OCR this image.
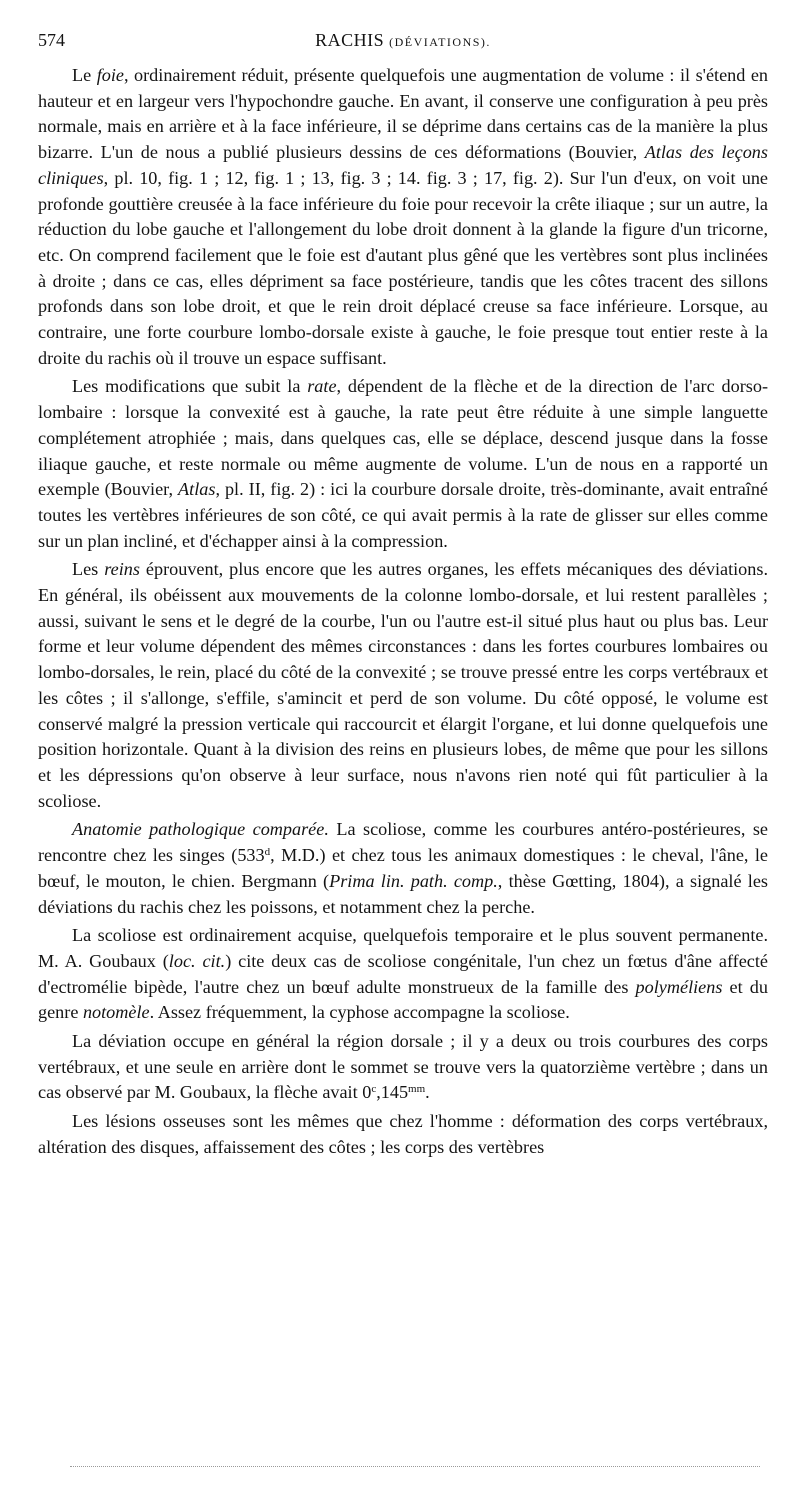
574	RACHIS (DÉVIATIONS).

Le foie, ordinairement réduit, présente quelquefois une augmentation de volume : il s'étend en hauteur et en largeur vers l'hypochondre gauche. En avant, il conserve une configuration à peu près normale, mais en arrière et à la face inférieure, il se déprime dans certains cas de la manière la plus bizarre. L'un de nous a publié plusieurs dessins de ces déformations (Bouvier, Atlas des leçons cliniques, pl. 10, fig. 1 ; 12, fig. 1 ; 13, fig. 3 ; 14. fig. 3 ; 17, fig. 2). Sur l'un d'eux, on voit une profonde gouttière creusée à la face inférieure du foie pour recevoir la crête iliaque ; sur un autre, la réduction du lobe gauche et l'allongement du lobe droit donnent à la glande la figure d'un tricorne, etc. On comprend facilement que le foie est d'autant plus gêné que les vertèbres sont plus inclinées à droite ; dans ce cas, elles dépriment sa face postérieure, tandis que les côtes tracent des sillons profonds dans son lobe droit, et que le rein droit déplacé creuse sa face inférieure. Lorsque, au contraire, une forte courbure lombo-dorsale existe à gauche, le foie presque tout entier reste à la droite du rachis où il trouve un espace suffisant.

Les modifications que subit la rate, dépendent de la flèche et de la direction de l'arc dorso-lombaire : lorsque la convexité est à gauche, la rate peut être réduite à une simple languette complétement atrophiée ; mais, dans quelques cas, elle se déplace, descend jusque dans la fosse iliaque gauche, et reste normale ou même augmente de volume. L'un de nous en a rapporté un exemple (Bouvier, Atlas, pl. II, fig. 2) : ici la courbure dorsale droite, très-dominante, avait entraîné toutes les vertèbres inférieures de son côté, ce qui avait permis à la rate de glisser sur elles comme sur un plan incliné, et d'échapper ainsi à la compression.

Les reins éprouvent, plus encore que les autres organes, les effets mécaniques des déviations. En général, ils obéissent aux mouvements de la colonne lombo-dorsale, et lui restent parallèles ; aussi, suivant le sens et le degré de la courbe, l'un ou l'autre est-il situé plus haut ou plus bas. Leur forme et leur volume dépendent des mêmes circonstances : dans les fortes courbures lombaires ou lombo-dorsales, le rein, placé du côté de la convexité ; se trouve pressé entre les corps vertébraux et les côtes ; il s'allonge, s'effile, s'amincit et perd de son volume. Du côté opposé, le volume est conservé malgré la pression verticale qui raccourcit et élargit l'organe, et lui donne quelquefois une position horizontale. Quant à la division des reins en plusieurs lobes, de même que pour les sillons et les dépressions qu'on observe à leur surface, nous n'avons rien noté qui fût particulier à la scoliose.

Anatomie pathologique comparée. La scoliose, comme les courbures antéro-postérieures, se rencontre chez les singes (533$^d$, M.D.) et chez tous les animaux domestiques : le cheval, l'âne, le bœuf, le mouton, le chien. Bergmann (Prima lin. path. comp., thèse Gœtting, 1804), a signalé les déviations du rachis chez les poissons, et notamment chez la perche.

La scoliose est ordinairement acquise, quelquefois temporaire et le plus souvent permanente. M. A. Goubaux (loc. cit.) cite deux cas de scoliose congénitale, l'un chez un fœtus d'âne affecté d'ectromélie bipède, l'autre chez un bœuf adulte monstrueux de la famille des polyméliens et du genre notomèle. Assez fréquemment, la cyphose accompagne la scoliose.

La déviation occupe en général la région dorsale ; il y a deux ou trois courbures des corps vertébraux, et une seule en arrière dont le sommet se trouve vers la quatorzième vertèbre ; dans un cas observé par M. Goubaux, la flèche avait $0^c,145^{mm}$.

Les lésions osseuses sont les mêmes que chez l'homme : déformation des corps vertébraux, altération des disques, affaissement des côtes ; les corps des vertèbres
